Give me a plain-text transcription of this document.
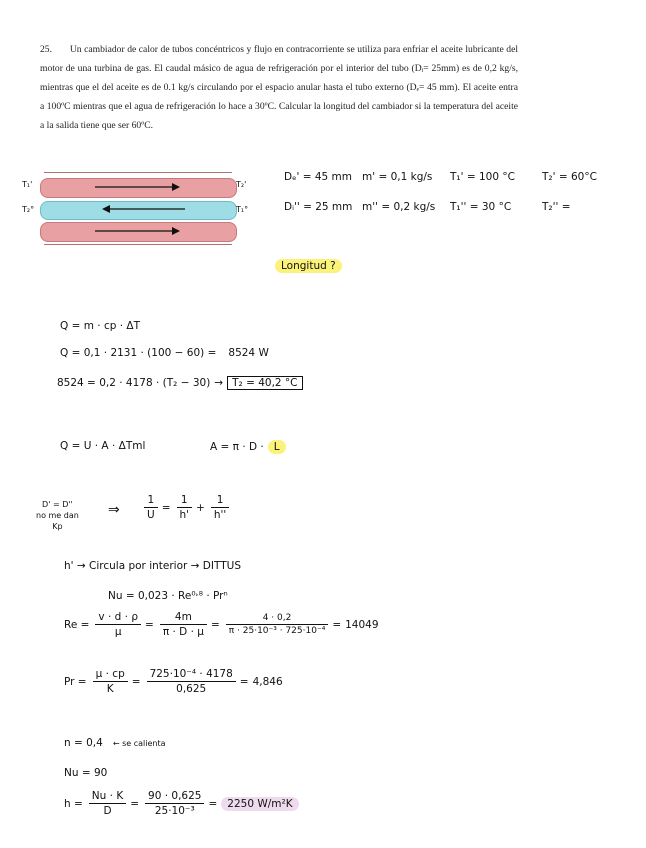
25. Un cambiador de calor de tubos concéntricos y flujo en contracorriente se utiliza para enfriar el aceite lubricante del motor de una turbina de gas. El caudal másico de agua de refrigeración por el interior del tubo (Dᵢ= 25mm) es de 0,2 kg/s, mientras que el del aceite es de 0.1 kg/s circulando por el espacio anular hasta el tubo externo (Dₑ= 45 mm). El aceite entra a 100ºC mientras que el agua de refrigeración lo hace a 30ºC. Calcular la longitud del cambiador si la temperatura del aceite a la salida tiene que ser 60ºC.
T₁'
T₂°
T₂'
T₁°
Dₑ' = 45 mm m' = 0,1 kg/s T₁' = 100 °C	T₂' = 60°C
Dᵢ'' = 25 mm m'' = 0,2 kg/s T₁'' = 30 °C	T₂'' =
Longitud ?
Q = m · cp · ΔT
Q = 0,1 · 2131 · (100 − 60) = 8524 W
8524 = 0,2 · 4178 · (T₂ − 30) → T₂ = 40,2 °C
Q = U · A · ΔTml	A = π · D · L
D' = D''
no me dan
Kp
⇒ $\frac{1}{U} = \frac{1}{h'} + \frac{1}{h''}$
h' → Circula por interior → DITTUS
Nu = 0,023 · Re⁰˒⁸ · Prⁿ
$Re = \frac{v \cdot d \cdot \rho}{\mu} = \frac{4m}{\pi \cdot D \cdot \mu} = \frac{4 \cdot 0,2}{\text{π · 25·10⁻³ · 725·10⁻⁴}} = 14049$
$Pr = \frac{\mu \cdot cp}{K} = \frac{\text{725·10⁻⁴ · 4178}}{0,625} = 4,846$
n = 0,4 ← se calienta
Nu = 90
$h = \frac{Nu \cdot K}{D} = \frac{90 \cdot 0,625}{\text{25·10⁻³}} = 2250$ W/m²K
